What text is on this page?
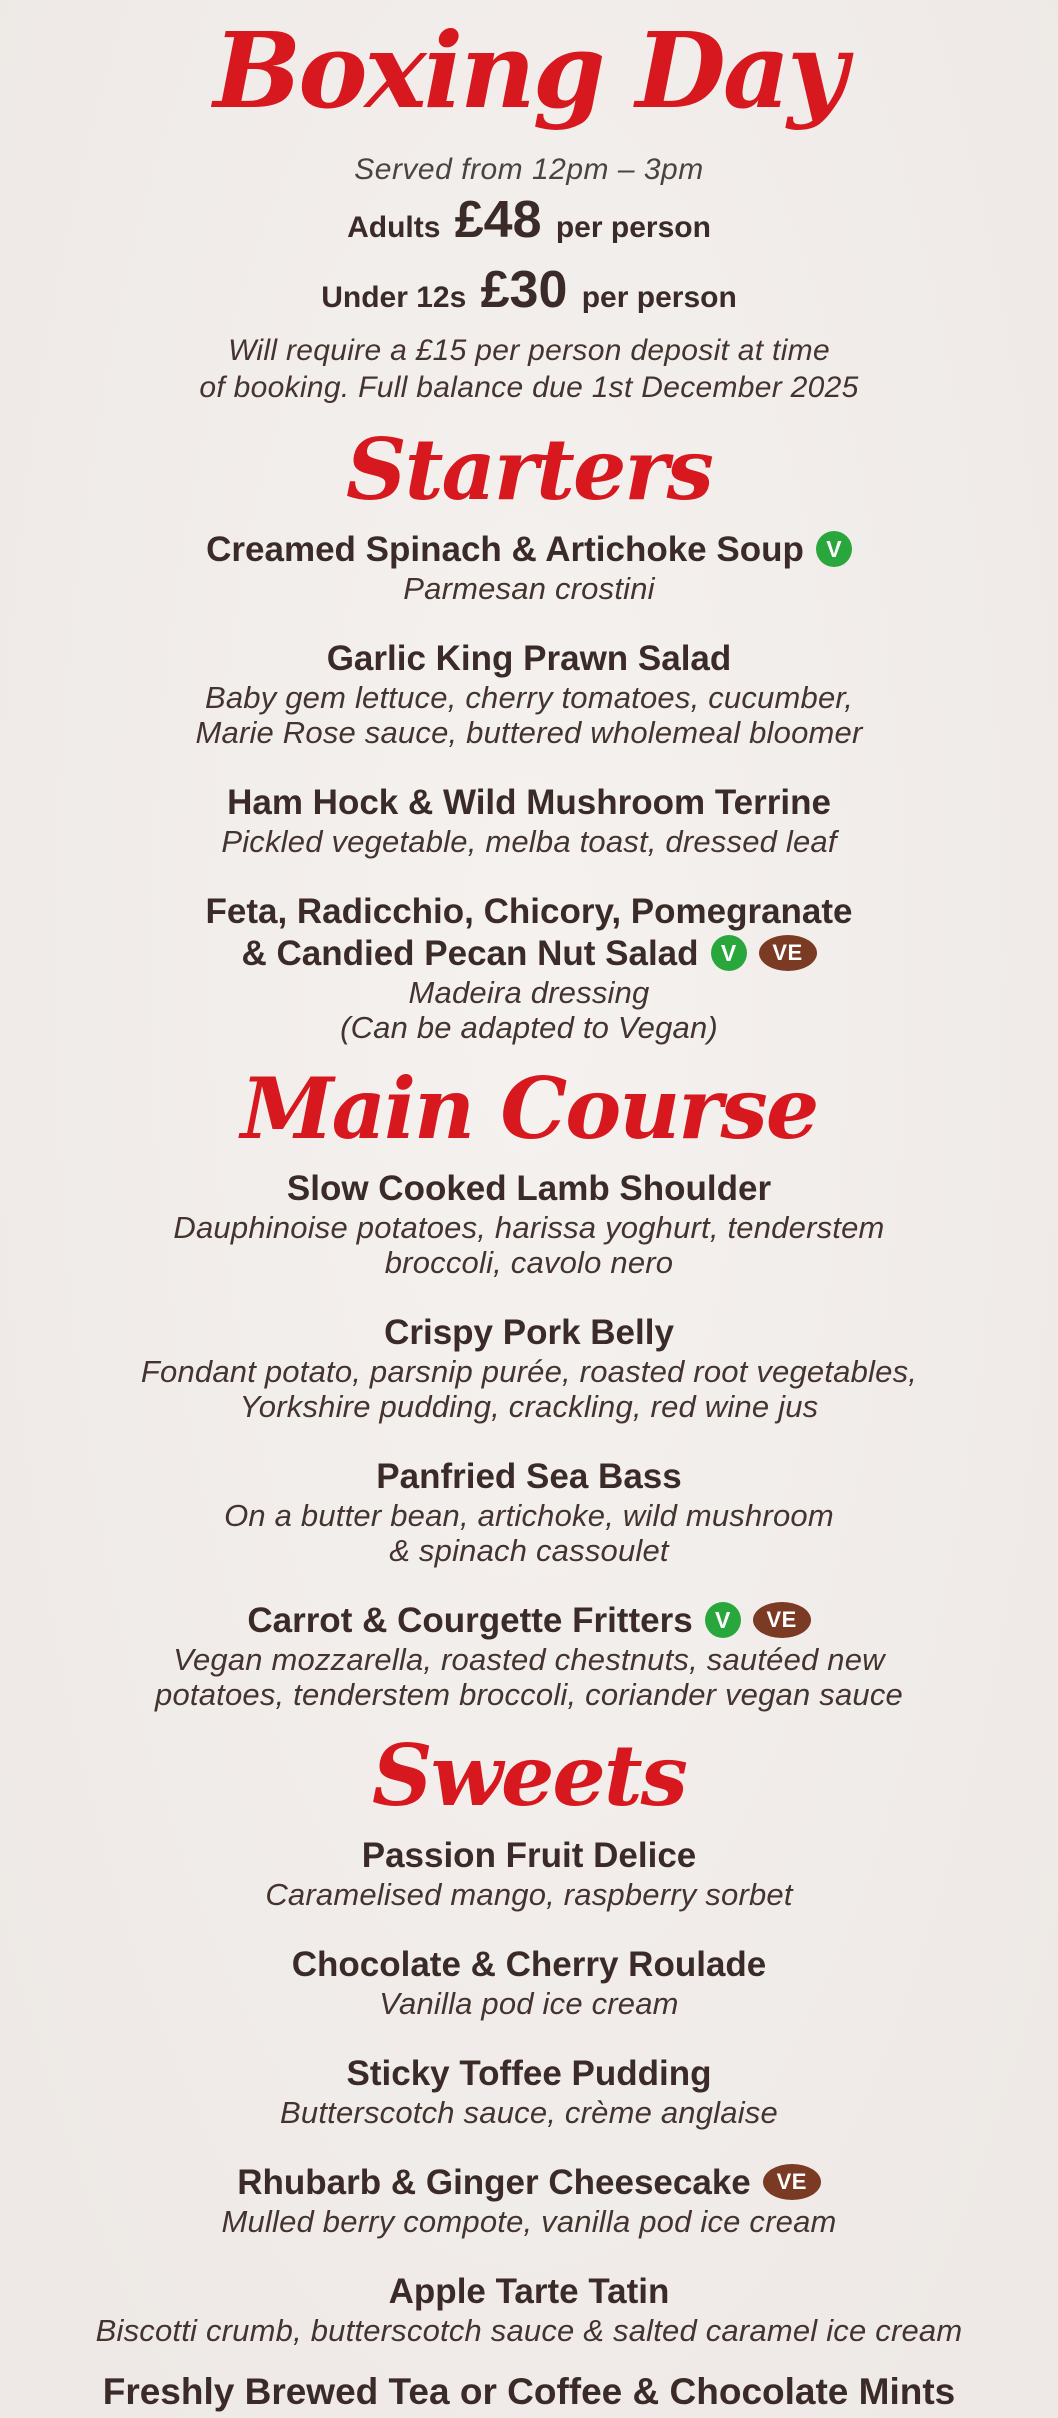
Boxing Day
Served from 12pm – 3pm
Adults £48 per person
Under 12s £30 per person
Will require a £15 per person deposit at time
of booking. Full balance due 1st December 2025
Starters
Creamed Spinach & Artichoke Soup V
Parmesan crostini
Garlic King Prawn Salad
Baby gem lettuce, cherry tomatoes, cucumber,
Marie Rose sauce, buttered wholemeal bloomer
Ham Hock & Wild Mushroom Terrine
Pickled vegetable, melba toast, dressed leaf
Feta, Radicchio, Chicory, Pomegranate
& Candied Pecan Nut Salad V VE
Madeira dressing
(Can be adapted to Vegan)
Main Course
Slow Cooked Lamb Shoulder
Dauphinoise potatoes, harissa yoghurt, tenderstem
broccoli, cavolo nero
Crispy Pork Belly
Fondant potato, parsnip purée, roasted root vegetables,
Yorkshire pudding, crackling, red wine jus
Panfried Sea Bass
On a butter bean, artichoke, wild mushroom
& spinach cassoulet
Carrot & Courgette Fritters V VE
Vegan mozzarella, roasted chestnuts, sautéed new
potatoes, tenderstem broccoli, coriander vegan sauce
Sweets
Passion Fruit Delice
Caramelised mango, raspberry sorbet
Chocolate & Cherry Roulade
Vanilla pod ice cream
Sticky Toffee Pudding
Butterscotch sauce, crème anglaise
Rhubarb & Ginger Cheesecake VE
Mulled berry compote, vanilla pod ice cream
Apple Tarte Tatin
Biscotti crumb, butterscotch sauce & salted caramel ice cream
Freshly Brewed Tea or Coffee & Chocolate Mints
